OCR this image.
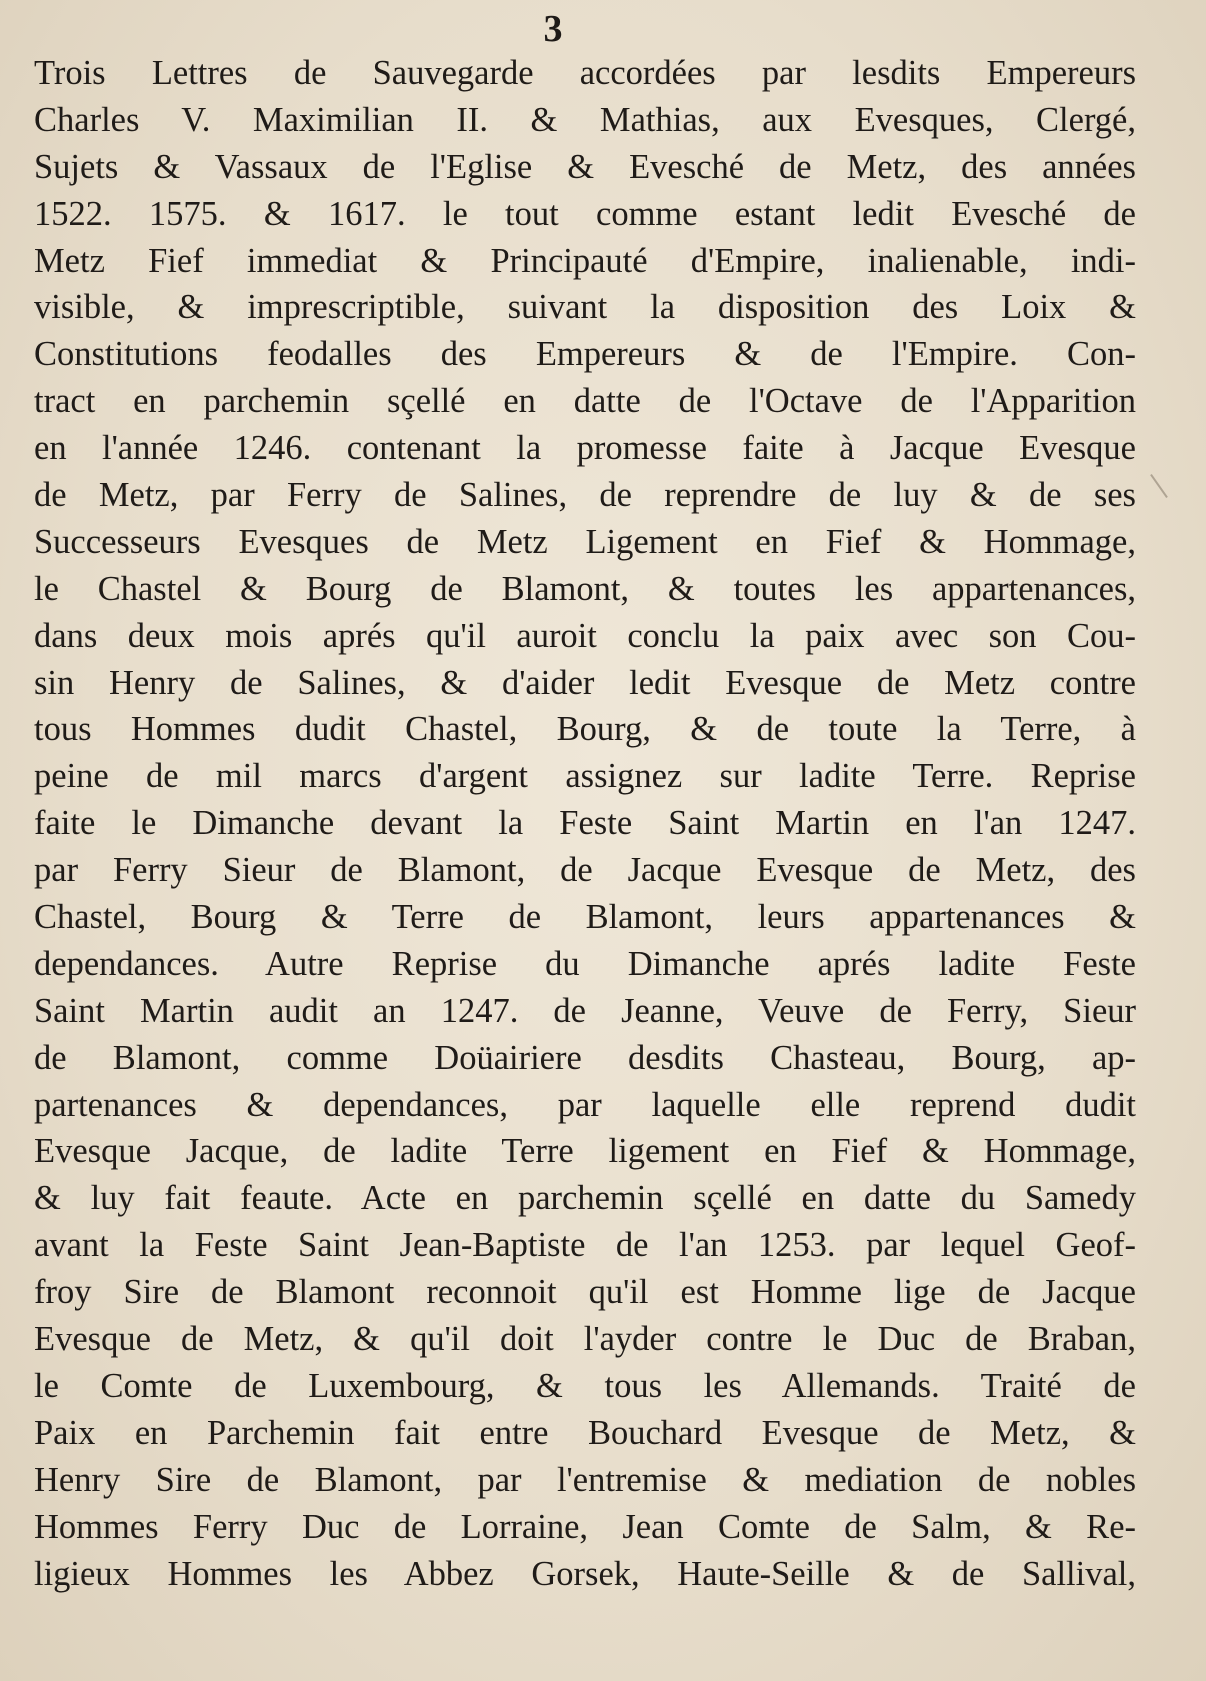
3
Trois Lettres de Sauvegarde accordées par lesdits Empereurs
Charles V. Maximilian II. & Mathias, aux Evesques, Clergé,
Sujets & Vassaux de l'Eglise & Evesché de Metz, des années
1522. 1575. & 1617. le tout comme estant ledit Evesché de
Metz Fief immediat & Principauté d'Empire, inalienable, indi-
visible, & imprescriptible, suivant la disposition des Loix &
Constitutions feodalles des Empereurs & de l'Empire. Con-
tract en parchemin sçellé en datte de l'Octave de l'Apparition
en l'année 1246. contenant la promesse faite à Jacque Evesque
de Metz, par Ferry de Salines, de reprendre de luy & de ses
Successeurs Evesques de Metz Ligement en Fief & Hommage,
le Chastel & Bourg de Blamont, & toutes les appartenances,
dans deux mois aprés qu'il auroit conclu la paix avec son Cou-
sin Henry de Salines, & d'aider ledit Evesque de Metz contre
tous Hommes dudit Chastel, Bourg, & de toute la Terre, à
peine de mil marcs d'argent assignez sur ladite Terre. Reprise
faite le Dimanche devant la Feste Saint Martin en l'an 1247.
par Ferry Sieur de Blamont, de Jacque Evesque de Metz, des
Chastel, Bourg & Terre de Blamont, leurs appartenances &
dependances. Autre Reprise du Dimanche aprés ladite Feste
Saint Martin audit an 1247. de Jeanne, Veuve de Ferry, Sieur
de Blamont, comme Doüairiere desdits Chasteau, Bourg, ap-
partenances & dependances, par laquelle elle reprend dudit
Evesque Jacque, de ladite Terre ligement en Fief & Hommage,
& luy fait feaute. Acte en parchemin sçellé en datte du Samedy
avant la Feste Saint Jean-Baptiste de l'an 1253. par lequel Geof-
froy Sire de Blamont reconnoit qu'il est Homme lige de Jacque
Evesque de Metz, & qu'il doit l'ayder contre le Duc de Braban,
le Comte de Luxembourg, & tous les Allemands. Traité de
Paix en Parchemin fait entre Bouchard Evesque de Metz, &
Henry Sire de Blamont, par l'entremise & mediation de nobles
Hommes Ferry Duc de Lorraine, Jean Comte de Salm, & Re-
ligieux Hommes les Abbez Gorsek, Haute-Seille & de Sallival,
